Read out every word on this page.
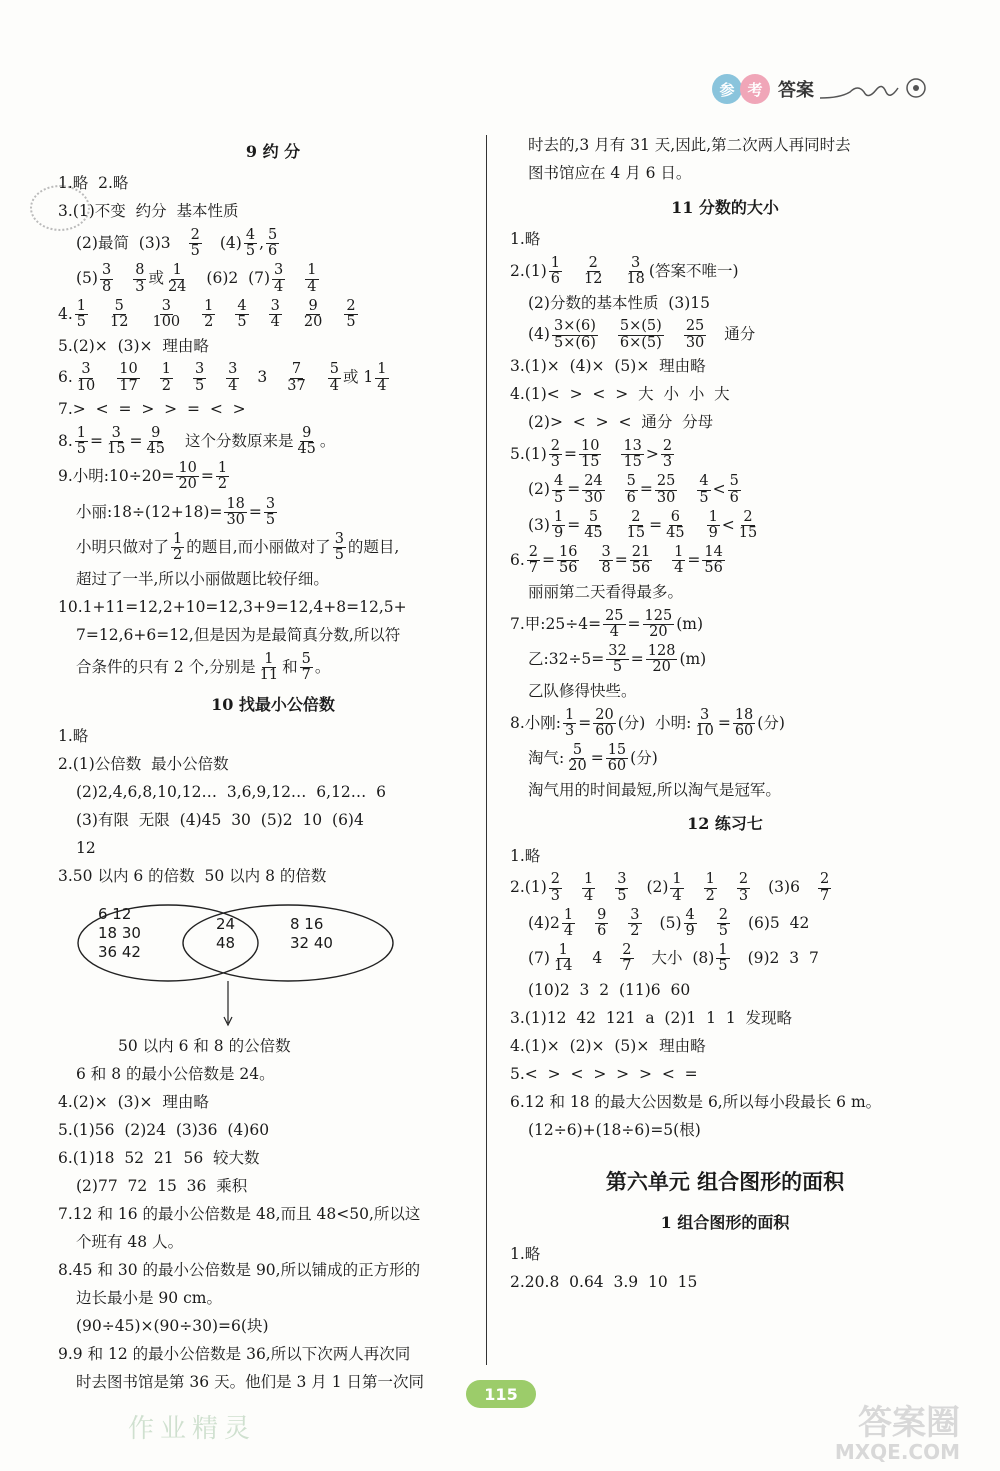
参 考 答案
9 约 分
1.略  2.略
3.(1)不变  约分  基本性质
(2)最简  $(3)3 \frac{2}{5} (4) \frac{4}{5}$ , $\frac{5}{6}$
$(5) \frac{3}{8} \frac{8}{3}$ 或 $\frac{1}{24} (6)2$  $(7) \frac{3}{4} \frac{1}{4}$
4. $\frac{1}{5} \frac{5}{12} \frac{3}{100} \frac{1}{2} \frac{4}{5} \frac{3}{4} \frac{9}{20} \frac{2}{5}$
5.(2)×  (3)×  理由略
6. $\frac{3}{10} \frac{10}{17} \frac{1}{2} \frac{3}{5} \frac{3}{4} 3 \frac{7}{37} \frac{5}{4}$ 或 $1 \frac{1}{4}$
7.>  <  =  >  >  =  <  >
8. $\frac{1}{5} = \frac{3}{15} = \frac{9}{45}$ 这个分数原来是 $\frac{9}{45}$ 。
9.小明:10÷20= $\frac{10}{20} = \frac{1}{2}$
小丽:18÷(12+18)= $\frac{18}{30} = \frac{3}{5}$
小明只做对了 $\frac{1}{2}$ 的题目,而小丽做对了 $\frac{3}{5}$ 的题目,
超过了一半,所以小丽做题比较仔细。
10.1+11=12,2+10=12,3+9=12,4+8=12,5+
7=12,6+6=12,但是因为是最简真分数,所以符
合条件的只有 2 个,分别是 $\frac{1}{11}$ 和 $\frac{5}{7}$ 。
10 找最小公倍数
1.略
2.(1)公倍数  最小公倍数
(2)2,4,6,8,10,12…  3,6,9,12…  6,12…  6
(3)有限  无限  (4)45  30  (5)2  10  (6)4
12
3.50 以内 6 的倍数  50 以内 8 的倍数
6 12
18 30
36 42
24
48
8 16
32 40
50 以内 6 和 8 的公倍数
6 和 8 的最小公倍数是 24。
4.(2)×  (3)×  理由略
5.(1)56  (2)24  (3)36  (4)60
6.(1)18  52  21  56  较大数
(2)77  72  15  36  乘积
7.12 和 16 的最小公倍数是 48,而且 48<50,所以这
个班有 48 人。
8.45 和 30 的最小公倍数是 90,所以铺成的正方形的
边长最小是 90 cm。
(90÷45)×(90÷30)=6(块)
9.9 和 12 的最小公倍数是 36,所以下次两人再次同
时去图书馆是第 36 天。他们是 3 月 1 日第一次同
时去的,3 月有 31 天,因此,第二次两人再同时去
图书馆应在 4 月 6 日。
11 分数的大小
1.略
$2.(1) \frac{1}{6} \frac{2}{12} \frac{3}{18}$ (答案不唯一)
(2)分数的基本性质  (3)15
$(4) \frac{3\times(6)}{5\times(6)} \frac{5\times(5)}{6\times(5)} \frac{25}{30}$ 通分
3.(1)×  (4)×  (5)×  理由略
4.(1)<  >  <  >  大  小  小  大
(2)>  <  >  <  通分  分母
$5.(1) \frac{2}{3} = \frac{10}{15} \frac{13}{15} > \frac{2}{3}$
$(2) \frac{4}{5} = \frac{24}{30} \frac{5}{6} = \frac{25}{30} \frac{4}{5} < \frac{5}{6}$
$(3) \frac{1}{9} = \frac{5}{45} \frac{2}{15} = \frac{6}{45} \frac{1}{9} < \frac{2}{15}$
6. $\frac{2}{7} = \frac{16}{56} \frac{3}{8} = \frac{21}{56} \frac{1}{4} = \frac{14}{56}$
丽丽第二天看得最多。
7.甲:25÷4= $\frac{25}{4} = \frac{125}{20} (m)$
乙:32÷5= $\frac{32}{5} = \frac{128}{20} (m)$
乙队修得快些。
8.小刚: $\frac{1}{3} = \frac{20}{60}$ (分)  小明: $\frac{3}{10} = \frac{18}{60}$ (分)
淘气: $\frac{5}{20} = \frac{15}{60}$ (分)
淘气用的时间最短,所以淘气是冠军。
12 练习七
1.略
$2.(1) \frac{2}{3} \frac{1}{4} \frac{3}{5} (2) \frac{1}{4} \frac{1}{2} \frac{2}{3} (3)6 \frac{2}{7}$
$(4)2 \frac{1}{4} \frac{9}{6} \frac{3}{2} (5) \frac{4}{9} \frac{2}{5} (6)5$  42
$(7) \frac{1}{14} 4 \frac{2}{7}$ 大小  $(8) \frac{1}{5} (9)2$  3  7
(10)2  3  2  (11)6  60
3.(1)12  42  121  a  (2)1  1  1  发现略
4.(1)×  (2)×  (5)×  理由略
5.<  >  <  >  >  >  <  =
6.12 和 18 的最大公因数是 6,所以每小段最长 6 m。
(12÷6)+(18÷6)=5(根)
第六单元 组合图形的面积
1 组合图形的面积
1.略
2.20.8  0.64  3.9  10  15
115
作业精灵	答案圈
MXQE.COM
